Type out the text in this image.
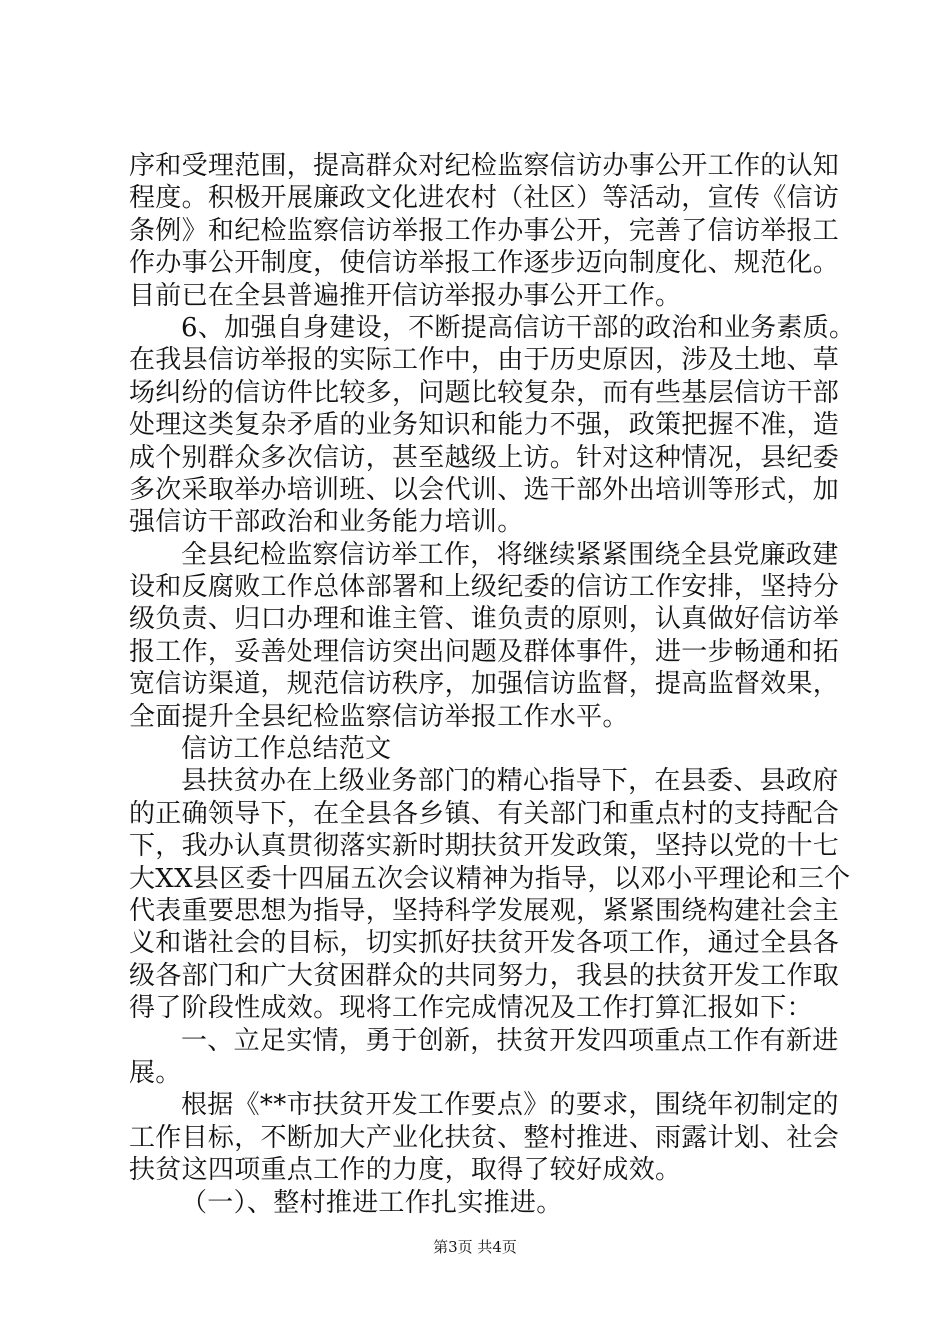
序和受理范围，提高群众对纪检监察信访办事公开工作的认知
程度。积极开展廉政文化进农村（社区）等活动，宣传《信访
条例》和纪检监察信访举报工作办事公开，完善了信访举报工
作办事公开制度，使信访举报工作逐步迈向制度化、规范化。
目前已在全县普遍推开信访举报办事公开工作。
6、加强自身建设，不断提高信访干部的政治和业务素质。
在我县信访举报的实际工作中，由于历史原因，涉及土地、草
场纠纷的信访件比较多，问题比较复杂，而有些基层信访干部
处理这类复杂矛盾的业务知识和能力不强，政策把握不准，造
成个别群众多次信访，甚至越级上访。针对这种情况，县纪委
多次采取举办培训班、以会代训、选干部外出培训等形式，加
强信访干部政治和业务能力培训。
全县纪检监察信访举工作，将继续紧紧围绕全县党廉政建
设和反腐败工作总体部署和上级纪委的信访工作安排，坚持分
级负责、归口办理和谁主管、谁负责的原则，认真做好信访举
报工作，妥善处理信访突出问题及群体事件，进一步畅通和拓
宽信访渠道，规范信访秩序，加强信访监督，提高监督效果，
全面提升全县纪检监察信访举报工作水平。
信访工作总结范文
县扶贫办在上级业务部门的精心指导下，在县委、县政府
的正确领导下，在全县各乡镇、有关部门和重点村的支持配合
下，我办认真贯彻落实新时期扶贫开发政策，坚持以党的十七
大XX县区委十四届五次会议精神为指导，以邓小平理论和三个
代表重要思想为指导，坚持科学发展观，紧紧围绕构建社会主
义和谐社会的目标，切实抓好扶贫开发各项工作，通过全县各
级各部门和广大贫困群众的共同努力，我县的扶贫开发工作取
得了阶段性成效。现将工作完成情况及工作打算汇报如下：
一、立足实情，勇于创新，扶贫开发四项重点工作有新进
展。
根据《**市扶贫开发工作要点》的要求，围绕年初制定的
工作目标，不断加大产业化扶贫、整村推进、雨露计划、社会
扶贫这四项重点工作的力度，取得了较好成效。
（一）、整村推进工作扎实推进。
第3页 共4页
